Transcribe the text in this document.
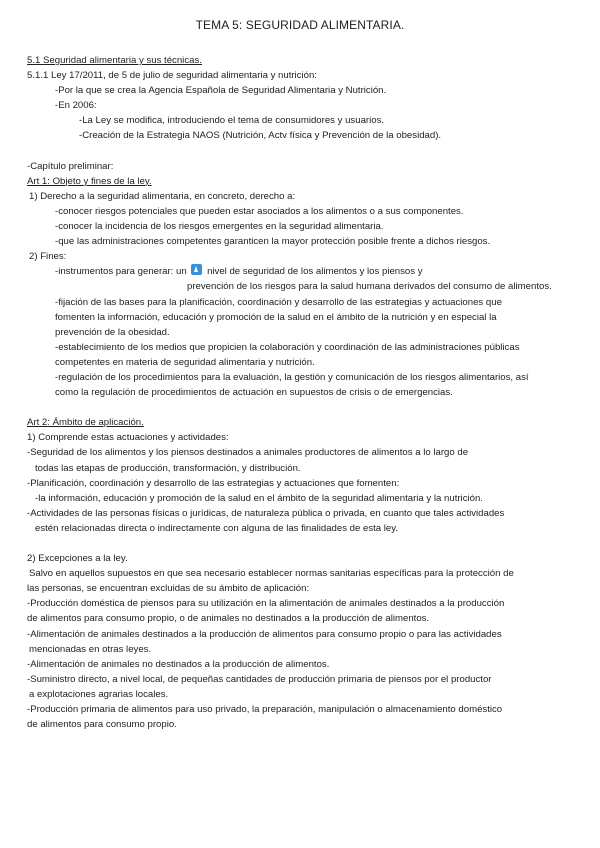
TEMA 5: SEGURIDAD ALIMENTARIA.
5.1 Seguridad alimentaria y sus técnicas.
5.1.1 Ley 17/2011, de 5 de julio de seguridad alimentaria y nutrición:
-Por la que se crea la Agencia Española de Seguridad Alimentaria y Nutrición.
-En 2006:
-La Ley se modifica, introduciendo el tema de consumidores y usuarios.
-Creación de la Estrategia NAOS (Nutrición, Actv física y Prevención de la obesidad).
-Capítulo preliminar:
Art 1: Objeto y fines de la ley.
1) Derecho a la seguridad alimentaria, en concreto, derecho a:
-conocer riesgos potenciales que pueden estar asociados a los alimentos o a sus componentes.
-conocer la incidencia de los riesgos emergentes en la seguridad alimentaria.
-que las administraciones competentes garanticen la mayor protección posible frente a dichos riesgos.
2) Fines:
-instrumentos para generar: un nivel de seguridad de los alimentos y los piensos y
prevención de los riesgos para la salud humana derivados del consumo de alimentos.
-fijación de las bases para la planificación, coordinación y desarrollo de las estrategias y actuaciones que
fomenten la información, educación y promoción de la salud en el ámbito de la nutrición y en especial la
prevención de la obesidad.
-establecimiento de los medios que propicien la colaboración y coordinación de las administraciones públicas
competentes en materia de seguridad alimentaria y nutrición.
-regulación de los procedimientos para la evaluación, la gestión y comunicación de los riesgos alimentarios, así
como la regulación de procedimientos de actuación en supuestos de crisis o de emergencias.
Art 2: Ámbito de aplicación.
1) Comprende estas actuaciones y actividades:
-Seguridad de los alimentos y los piensos destinados a animales productores de alimentos a lo largo de
todas las etapas de producción, transformación, y distribución.
-Planificación, coordinación y desarrollo de las estrategias y actuaciones que fomenten:
-la información, educación y promoción de la salud en el ámbito de la seguridad alimentaria y la nutrición.
-Actividades de las personas físicas o jurídicas, de naturaleza pública o privada, en cuanto que tales actividades
estén relacionadas directa o indirectamente con alguna de las finalidades de esta ley.
2) Excepciones a la ley.
Salvo en aquellos supuestos en que sea necesario establecer normas sanitarias específicas para la protección de
las personas, se encuentran excluidas de su ámbito de aplicación:
-Producción doméstica de piensos para su utilización en la alimentación de animales destinados a la producción
de alimentos para consumo propio, o de animales no destinados a la producción de alimentos.
-Alimentación de animales destinados a la producción de alimentos para consumo propio o para las actividades
mencionadas en otras leyes.
-Alimentación de animales no destinados a la producción de alimentos.
-Suministro directo, a nivel local, de pequeñas cantidades de producción primaria de piensos por el productor
a explotaciones agrarias locales.
-Producción primaria de alimentos para uso privado, la preparación, manipulación o almacenamiento doméstico
de alimentos para consumo propio.
